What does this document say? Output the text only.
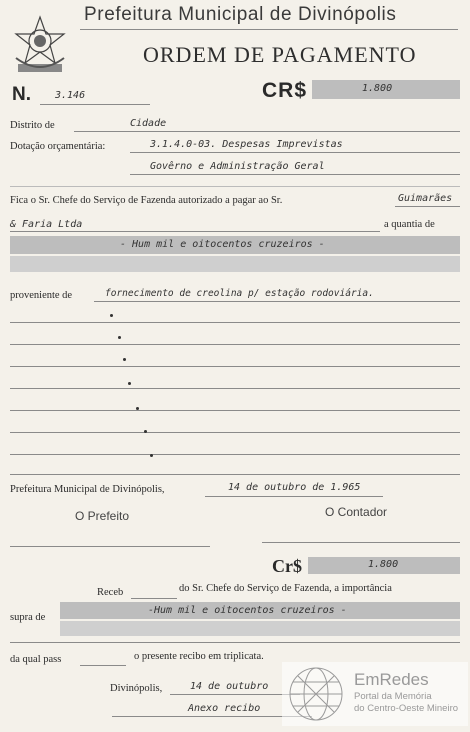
Prefeitura Municipal de Divinópolis
ORDEM DE PAGAMENTO
N. 3.146	CR$	1.800
Distrito de	Cidade
Dotação orçamentária:	3.1.4.0-03. Despesas Imprevistas
Govêrno e Administração Geral
Fica o Sr. Chefe do Serviço de Fazenda autorizado a pagar ao Sr.	Guimarães
& Faria Ltda	a quantia de
- Hum mil e oitocentos cruzeiros -
proveniente de	fornecimento de creolina p/ estação rodoviária.
Prefeitura Municipal de Divinópolis,	14 de outubro de 1.965
O Prefeito	O Contador
Cr$	1.800
Receb	do Sr. Chefe do Serviço de Fazenda, a importância
supra de
-Hum mil e oitocentos cruzeiros -
da qual pass	o presente recibo em triplicata.
Divinópolis,	14 de outubro
Anexo recibo
EmRedes
Portal da Memória
do Centro-Oeste Mineiro
